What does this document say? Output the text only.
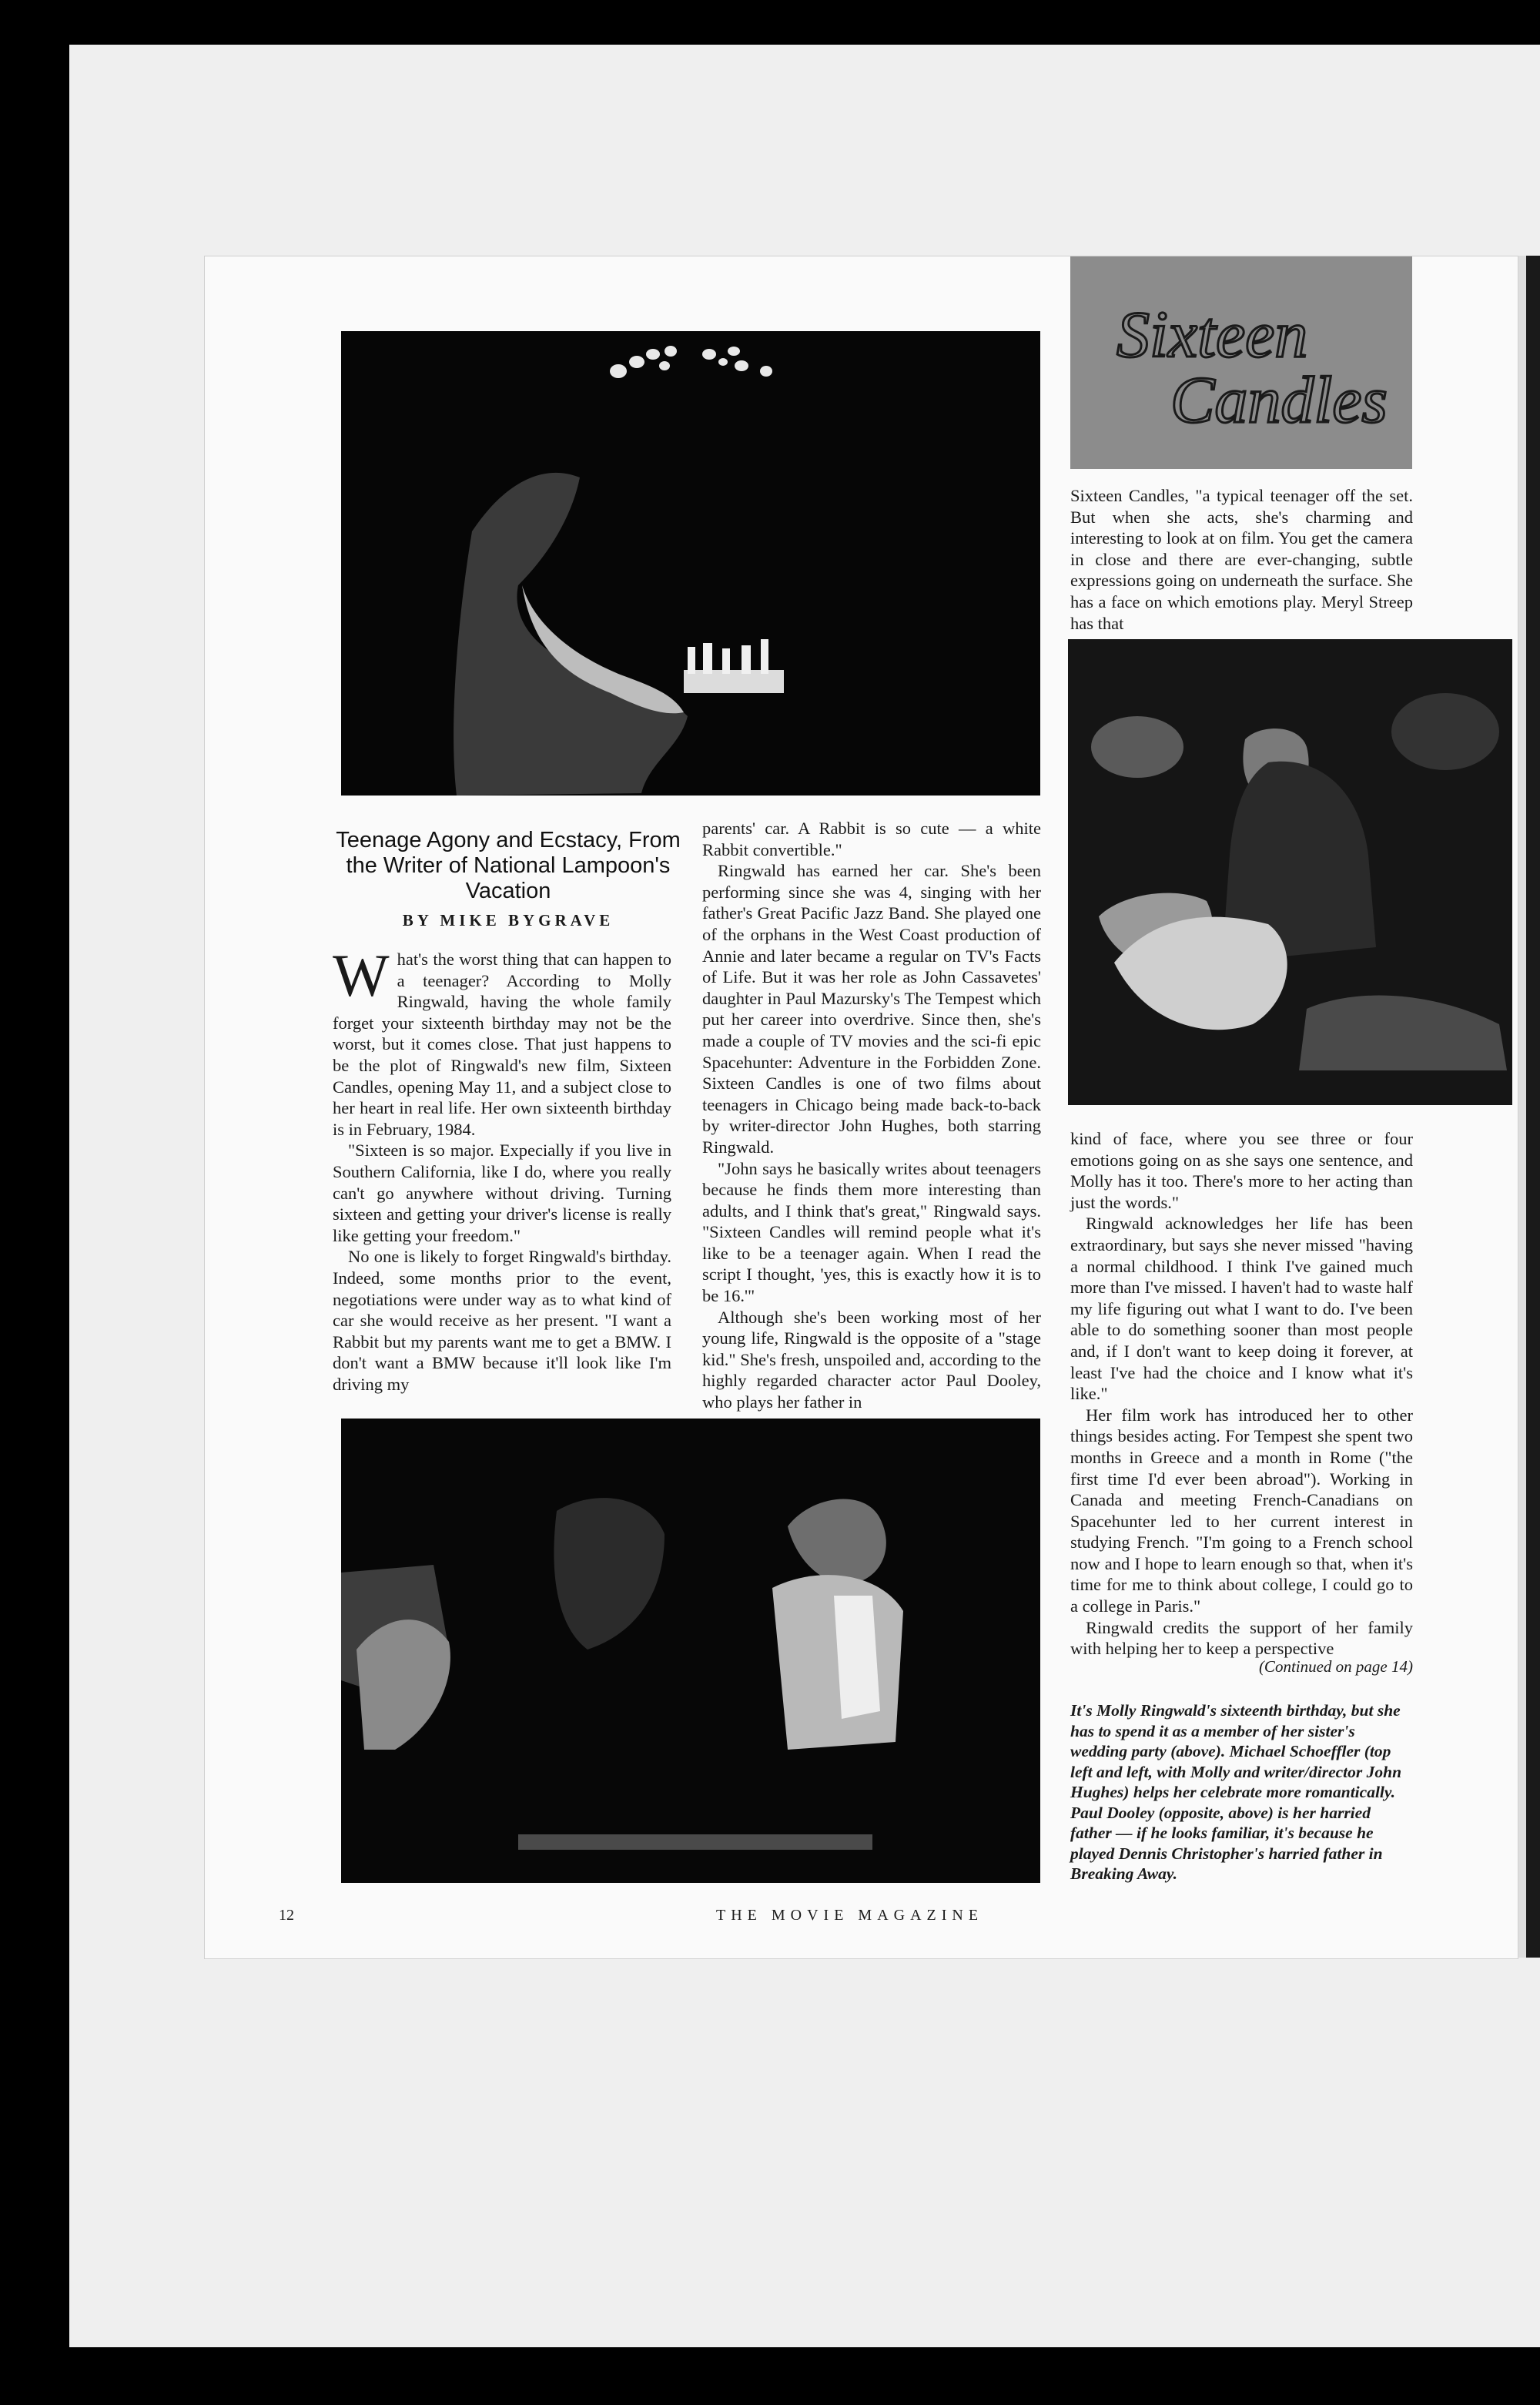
Sixteen
Candles

Sixteen Candles, "a typical teenager off the set. But when she acts, she's charming and interesting to look at on film. You get the camera in close and there are ever-changing, subtle expressions going on underneath the surface. She has a face on which emotions play. Meryl Streep has that

Teenage Agony and Ecstacy, From the Writer of National Lampoon's Vacation
BY MIKE BYGRAVE

What's the worst thing that can happen to a teenager? According to Molly Ringwald, having the whole family forget your sixteenth birthday may not be the worst, but it comes close. That just happens to be the plot of Ringwald's new film, Sixteen Candles, opening May 11, and a subject close to her heart in real life. Her own sixteenth birthday is in February, 1984.

"Sixteen is so major. Expecially if you live in Southern California, like I do, where you really can't go anywhere without driving. Turning sixteen and getting your driver's license is really like getting your freedom."

No one is likely to forget Ringwald's birthday. Indeed, some months prior to the event, negotiations were under way as to what kind of car she would receive as her present. "I want a Rabbit but my parents want me to get a BMW. I don't want a BMW because it'll look like I'm driving my

parents' car. A Rabbit is so cute — a white Rabbit convertible."

Ringwald has earned her car. She's been performing since she was 4, singing with her father's Great Pacific Jazz Band. She played one of the orphans in the West Coast production of Annie and later became a regular on TV's Facts of Life. But it was her role as John Cassavetes' daughter in Paul Mazursky's The Tempest which put her career into overdrive. Since then, she's made a couple of TV movies and the sci-fi epic Spacehunter: Adventure in the Forbidden Zone. Sixteen Candles is one of two films about teenagers in Chicago being made back-to-back by writer-director John Hughes, both starring Ringwald.

"John says he basically writes about teenagers because he finds them more interesting than adults, and I think that's great," Ringwald says. "Sixteen Candles will remind people what it's like to be a teenager again. When I read the script I thought, 'yes, this is exactly how it is to be 16.'"

Although she's been working most of her young life, Ringwald is the opposite of a "stage kid." She's fresh, unspoiled and, according to the highly regarded character actor Paul Dooley, who plays her father in

kind of face, where you see three or four emotions going on as she says one sentence, and Molly has it too. There's more to her acting than just the words."

Ringwald acknowledges her life has been extraordinary, but says she never missed "having a normal childhood. I think I've gained much more than I've missed. I haven't had to waste half my life figuring out what I want to do. I've been able to do something sooner than most people and, if I don't want to keep doing it forever, at least I've had the choice and I know what it's like."

Her film work has introduced her to other things besides acting. For Tempest she spent two months in Greece and a month in Rome ("the first time I'd ever been abroad"). Working in Canada and meeting French-Canadians on Spacehunter led to her current interest in studying French. "I'm going to a French school now and I hope to learn enough so that, when it's time for me to think about college, I could go to a college in Paris."

Ringwald credits the support of her family with helping her to keep a perspective

(Continued on page 14)
It's Molly Ringwald's sixteenth birthday, but she has to spend it as a member of her sister's wedding party (above). Michael Schoeffler (top left and left, with Molly and writer/director John Hughes) helps her celebrate more romantically. Paul Dooley (opposite, above) is her harried father — if he looks familiar, it's because he played Dennis Christopher's harried father in Breaking Away.
12	THE MOVIE MAGAZINE
